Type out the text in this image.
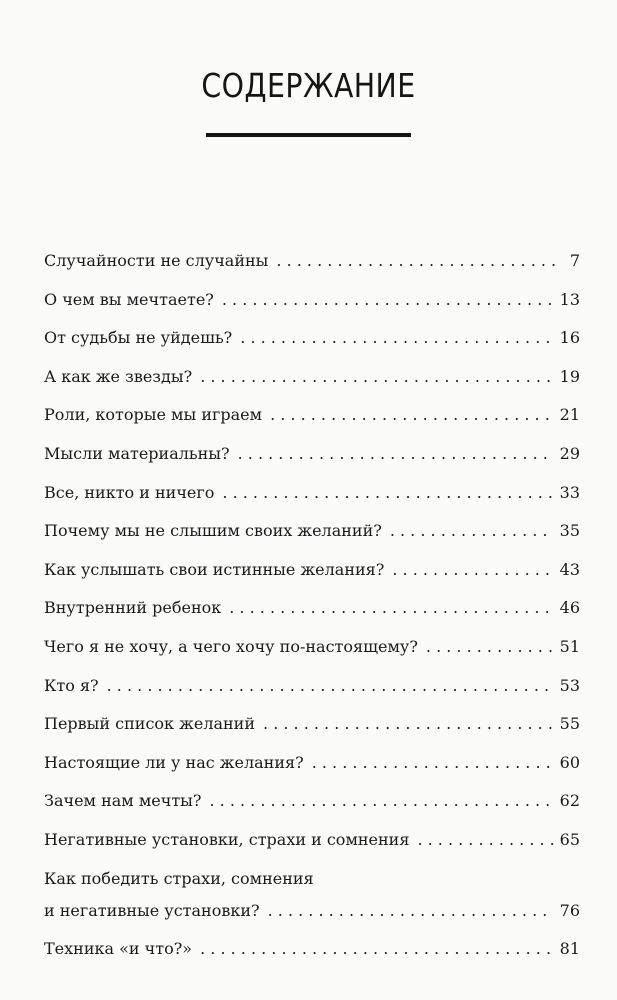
СОДЕРЖАНИЕ
Случайности не случайны . . .	7
О чем вы мечтаете? . . .	13
От судьбы не уйдешь? . . .	16
А как же звезды? . . .	19
Роли, которые мы играем . . .	21
Мысли материальны? . . .	29
Все, никто и ничего . . .	33
Почему мы не слышим своих желаний? . . .	35
Как услышать свои истинные желания? . . .	43
Внутренний ребенок . . .	46
Чего я не хочу, а чего хочу по-настоящему? . . .	51
Кто я? . . .	53
Первый список желаний . . .	55
Настоящие ли у нас желания? . . .	60
Зачем нам мечты? . . .	62
Негативные установки, страхи и сомнения . . .	65
Как победить страхи, сомнения
и негативные установки? . . .	76
Техника «и что?» . . .	81
